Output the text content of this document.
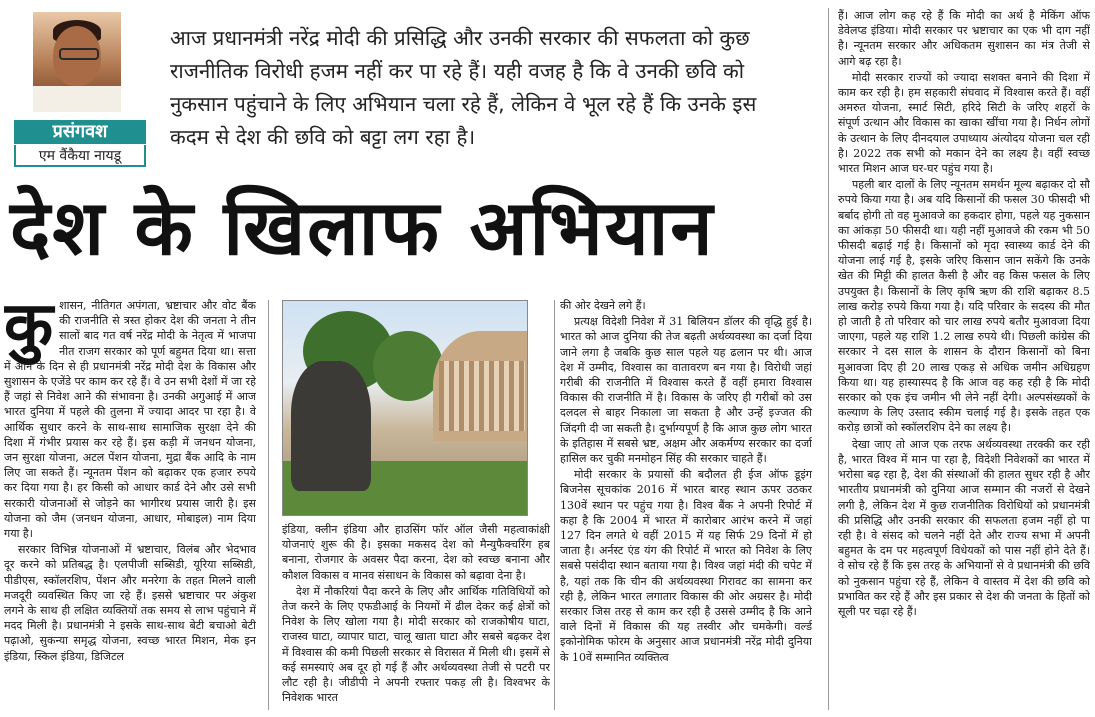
प्रसंगवश
एम वैंकैया नायडू
आज प्रधानमंत्री नरेंद्र मोदी की प्रसिद्धि और उनकी सरकार की सफलता को कुछ राजनीतिक विरोधी हजम नहीं कर पा रहे हैं। यही वजह है कि वे उनकी छवि को नुकसान पहुंचाने के लिए अभियान चला रहे हैं, लेकिन वे भूल रहे हैं कि उनके इस कदम से देश की छवि को बट्टा लग रहा है।
देश के खिलाफ अभियान
कु शासन, नीतिगत अपंगता, भ्रष्टाचार और वोट बैंक की राजनीति से त्रस्त होकर देश की जनता ने तीन सालों बाद गत वर्ष नरेंद्र मोदी के नेतृत्व में भाजपा नीत राजग सरकार को पूर्ण बहुमत दिया था। सत्ता में आने के दिन से ही प्रधानमंत्री नरेंद्र मोदी देश के विकास और सुशासन के एजेंडे पर काम कर रहे हैं। वे उन सभी देशों में जा रहे हैं जहां से निवेश आने की संभावना है। उनकी अगुआई में आज भारत दुनिया में पहले की तुलना में ज्यादा आदर पा रहा है। वे आर्थिक सुधार करने के साथ-साथ सामाजिक सुरक्षा देने की दिशा में गंभीर प्रयास कर रहे हैं। इस कड़ी में जनधन योजना, जन सुरक्षा योजना, अटल पेंशन योजना, मुद्रा बैंक आदि के नाम लिए जा सकते हैं। न्यूनतम पेंशन को बढ़ाकर एक हजार रुपये कर दिया गया है। हर किसी को आधार कार्ड देने और उसे सभी सरकारी योजनाओं से जोड़ने का भागीरथ प्रयास जारी है। इस योजना को जैम (जनधन योजना, आधार, मोबाइल) नाम दिया गया है।

सरकार विभिन्न योजनाओं में भ्रष्टाचार, विलंब और भेदभाव दूर करने को प्रतिबद्ध है। एलपीजी सब्सिडी, यूरिया सब्सिडी, पीडीएस, स्कॉलरशिप, पेंशन और मनरेगा के तहत मिलने वाली मजदूरी व्यवस्थित किए जा रहे हैं। इससे भ्रष्टाचार पर अंकुश लगने के साथ ही लक्षित व्यक्तियों तक समय से लाभ पहुंचाने में मदद मिली है। प्रधानमंत्री ने इसके साथ-साथ बेटी बचाओ बेटी पढ़ाओ, सुकन्या समृद्ध योजना, स्वच्छ भारत मिशन, मेक इन इंडिया, स्किल इंडिया, डिजिटल

इंडिया, क्लीन इंडिया और हाउसिंग फॉर ऑल जैसी महत्वाकांक्षी योजनाएं शुरू की है। इसका मकसद देश को मैन्युफैक्चरिंग हब बनाना, रोजगार के अवसर पैदा करना, देश को स्वच्छ बनाना और कौशल विकास व मानव संसाधन के विकास को बढ़ावा देना है।

देश में नौकरियां पैदा करने के लिए और आर्थिक गतिविधियों को तेज करने के लिए एफडीआई के नियमों में ढील देकर कई क्षेत्रों को निवेश के लिए खोला गया है। मोदी सरकार को राजकोषीय घाटा, राजस्व घाटा, व्यापार घाटा, चालू खाता घाटा और सबसे बढ़कर देश में विश्वास की कमी पिछली सरकार से विरासत में मिली थी। इसमें से कई समस्याएं अब दूर हो गई हैं और अर्थव्यवस्था तेजी से पटरी पर लौट रही है। जीडीपी ने अपनी रफ्तार पकड़ ली है। विश्वभर के निवेशक भारत

की ओर देखने लगे हैं।

प्रत्यक्ष विदेशी निवेश में 31 बिलियन डॉलर की वृद्धि हुई है। भारत को आज दुनिया की तेज बढ़ती अर्थव्यवस्था का दर्जा दिया जाने लगा है जबकि कुछ साल पहले यह ढलान पर थी। आज देश में उम्मीद, विश्वास का वातावरण बन गया है। विरोधी जहां गरीबी की राजनीति में विश्वास करते हैं वहीं हमारा विश्वास विकास की राजनीति में है। विकास के जरिए ही गरीबों को उस दलदल से बाहर निकाला जा सकता है और उन्हें इज्जत की जिंदगी दी जा सकती है। दुर्भाग्यपूर्ण है कि आज कुछ लोग भारत के इतिहास में सबसे भ्रष्ट, अक्षम और अकर्मण्य सरकार का दर्जा हासिल कर चुकी मनमोहन सिंह की सरकार चाहते हैं।

मोदी सरकार के प्रयासों की बदौलत ही ईज ऑफ डूइंग बिजनेस सूचकांक 2016 में भारत बारह स्थान ऊपर उठकर 130वें स्थान पर पहुंच गया है। विश्व बैंक ने अपनी रिपोर्ट में कहा है कि 2004 में भारत में कारोबार आरंभ करने में जहां 127 दिन लगते थे वहीं 2015 में यह सिर्फ 29 दिनों में हो जाता है। अर्नस्ट एंड यंग की रिपोर्ट में भारत को निवेश के लिए सबसे पसंदीदा स्थान बताया गया है। विश्व जहां मंदी की चपेट में है, यहां तक कि चीन की अर्थव्यवस्था गिरावट का सामना कर रही है, लेकिन भारत लगातार विकास की ओर अग्रसर है। मोदी सरकार जिस तरह से काम कर रही है उससे उम्मीद है कि आने वाले दिनों में विकास की यह तस्वीर और चमकेगी। वर्ल्ड इकोनोमिक फोरम के अनुसार आज प्रधानमंत्री नरेंद्र मोदी दुनिया के 10वें सम्मानित व्यक्तित्व

हैं। आज लोग कह रहे हैं कि मोदी का अर्थ है मेकिंग ऑफ डेवेलप्ड इंडिया। मोदी सरकार पर भ्रष्टाचार का एक भी दाग नहीं है। न्यूनतम सरकार और अधिकतम सुशासन का मंत्र तेजी से आगे बढ़ रहा है।

मोदी सरकार राज्यों को ज्यादा सशक्त बनाने की दिशा में काम कर रही है। हम सहकारी संघवाद में विश्वास करते हैं। वहीं अमरुत योजना, स्मार्ट सिटी, हरिदे सिटी के जरिए शहरों के संपूर्ण उत्थान और विकास का खाका खींचा गया है। निर्धन लोगों के उत्थान के लिए दीनदयाल उपाध्याय अंत्योदय योजना चल रही है। 2022 तक सभी को मकान देने का लक्ष्य है। वहीं स्वच्छ भारत मिशन आज घर-घर पहुंच गया है।

पहली बार दालों के लिए न्यूनतम समर्थन मूल्य बढ़ाकर दो सौ रुपये किया गया है। अब यदि किसानों की फसल 30 फीसदी भी बर्बाद होगी तो वह मुआवजे का हकदार होगा, पहले यह नुकसान का आंकड़ा 50 फीसदी था। यही नहीं मुआवजे की रकम भी 50 फीसदी बढ़ाई गई है। किसानों को मृदा स्वास्थ्य कार्ड देने की योजना लाई गई है, इसके जरिए किसान जान सकेंगे कि उनके खेत की मिट्टी की हालत कैसी है और वह किस फसल के लिए उपयुक्त है। किसानों के लिए कृषि ऋण की राशि बढ़ाकर 8.5 लाख करोड़ रुपये किया गया है। यदि परिवार के सदस्य की मौत हो जाती है तो परिवार को चार लाख रुपये बतौर मुआवजा दिया जाएगा, पहले यह राशि 1.2 लाख रुपये थी। पिछली कांग्रेस की सरकार ने दस साल के शासन के दौरान किसानों को बिना मुआवजा दिए ही 20 लाख एकड़ से अधिक जमीन अधिग्रहण किया था। यह हास्यास्पद है कि आज वह कह रही है कि मोदी सरकार को एक इंच जमीन भी लेने नहीं देगी। अल्पसंख्यकों के कल्याण के लिए उस्ताद स्कीम चलाई गई है। इसके तहत एक करोड़ छात्रों को स्कॉलरशिप देने का लक्ष्य है।

देखा जाए तो आज एक तरफ अर्थव्यवस्था तरक्की कर रही है, भारत विश्व में मान पा रहा है, विदेशी निवेशकों का भारत में भरोसा बढ़ रहा है, देश की संस्थाओं की हालत सुधर रही है और भारतीय प्रधानमंत्री को दुनिया आज सम्मान की नजरों से देखने लगी है, लेकिन देश में कुछ राजनीतिक विरोधियों को प्रधानमंत्री की प्रसिद्धि और उनकी सरकार की सफलता हजम नहीं हो पा रही है। वे संसद को चलने नहीं देते और राज्य सभा में अपनी बहुमत के दम पर महत्वपूर्ण विधेयकों को पास नहीं होने देते हैं। वे सोच रहे हैं कि इस तरह के अभियानों से वे प्रधानमंत्री की छवि को नुकसान पहुंचा रहे हैं, लेकिन वे वास्तव में देश की छवि को प्रभावित कर रहे हैं और इस प्रकार से देश की जनता के हितों को सूली पर चढ़ा रहे हैं।
